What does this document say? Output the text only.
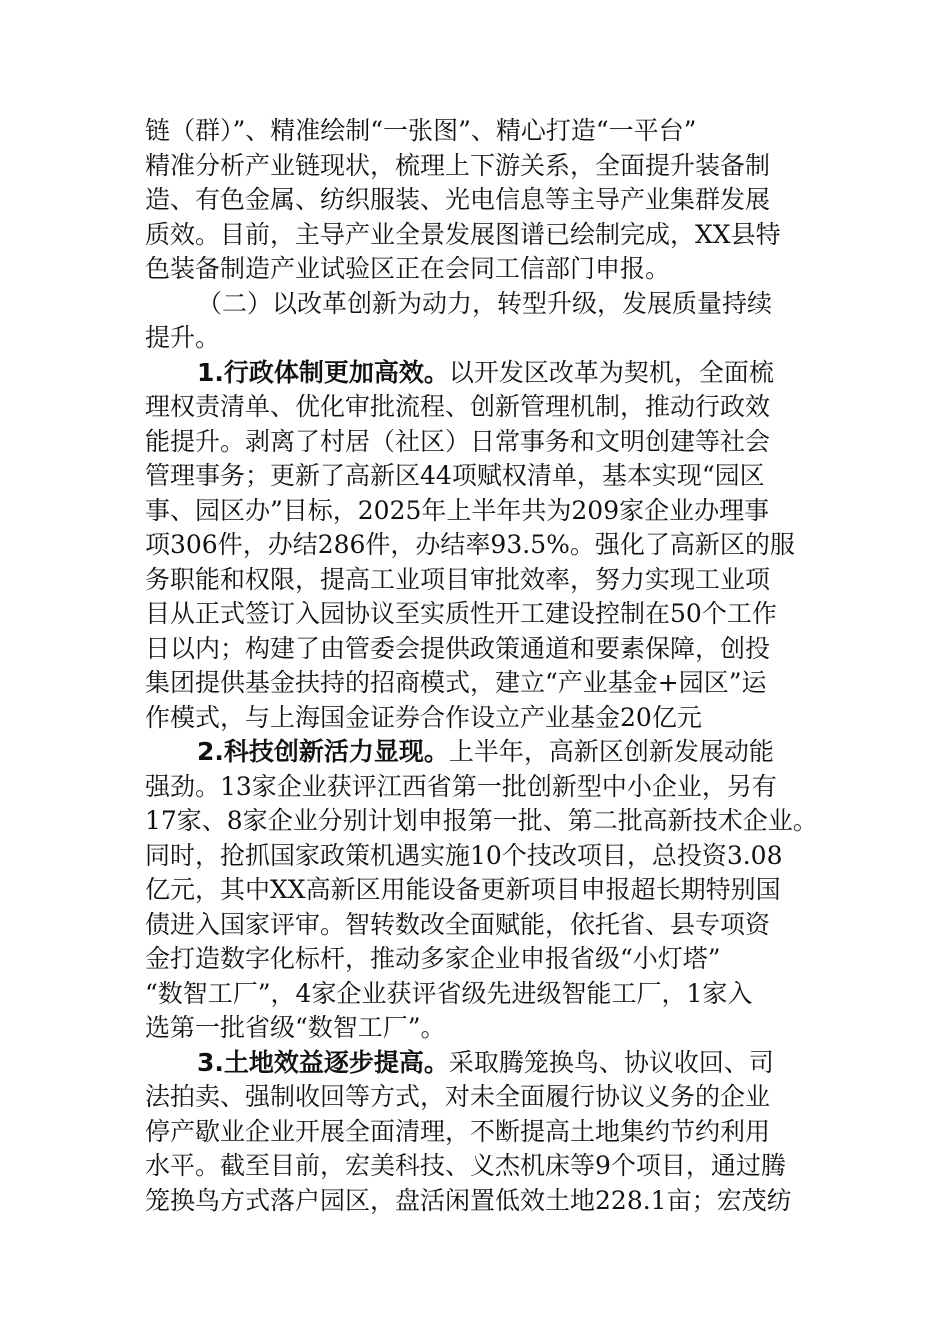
链（群）”、精准绘制“一张图”、精心打造“一平台”
精准分析产业链现状，梳理上下游关系，全面提升装备制
造、有色金属、纺织服装、光电信息等主导产业集群发展
质效。目前，主导产业全景发展图谱已绘制完成，XX县特
色装备制造产业试验区正在会同工信部门申报。
（二）以改革创新为动力，转型升级，发展质量持续
提升。
1.行政体制更加高效。以开发区改革为契机，全面梳
理权责清单、优化审批流程、创新管理机制，推动行政效
能提升。剥离了村居（社区）日常事务和文明创建等社会
管理事务；更新了高新区44项赋权清单，基本实现“园区
事、园区办”目标，2025年上半年共为209家企业办理事
项306件，办结286件，办结率93.5%。强化了高新区的服
务职能和权限，提高工业项目审批效率，努力实现工业项
目从正式签订入园协议至实质性开工建设控制在50个工作
日以内；构建了由管委会提供政策通道和要素保障，创投
集团提供基金扶持的招商模式，建立“产业基金+园区”运
作模式，与上海国金证券合作设立产业基金20亿元
2.科技创新活力显现。上半年，高新区创新发展动能
强劲。13家企业获评江西省第一批创新型中小企业，另有
17家、8家企业分别计划申报第一批、第二批高新技术企业。
同时，抢抓国家政策机遇实施10个技改项目，总投资3.08
亿元，其中XX高新区用能设备更新项目申报超长期特别国
债进入国家评审。智转数改全面赋能，依托省、县专项资
金打造数字化标杆，推动多家企业申报省级“小灯塔”
“数智工厂”，4家企业获评省级先进级智能工厂，1家入
选第一批省级“数智工厂”。
3.土地效益逐步提高。采取腾笼换鸟、协议收回、司
法拍卖、强制收回等方式，对未全面履行协议义务的企业
停产歇业企业开展全面清理，不断提高土地集约节约利用
水平。截至目前，宏美科技、义杰机床等9个项目，通过腾
笼换鸟方式落户园区，盘活闲置低效土地228.1亩；宏茂纺
